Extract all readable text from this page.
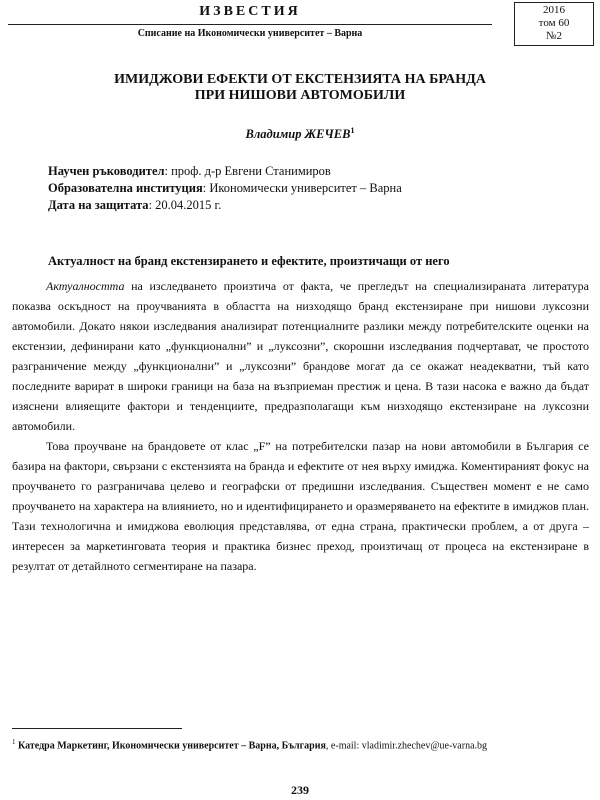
ИЗВЕСТИЯ
Списание на Икономически университет – Варна
2016
том 60
№2
ИМИДЖОВИ ЕФЕКТИ ОТ ЕКСТЕНЗИЯТА НА БРАНДА
ПРИ НИШОВИ АВТОМОБИЛИ
Владимир ЖЕЧЕВ$^1$
Научен ръководител: проф. д-р Евгени Станимиров
Образователна институция: Икономически университет – Варна
Дата на защитата: 20.04.2015 г.
Актуалност на бранд екстензирането и ефектите, произтичащи от него

Актуалността на изследването произтича от факта, че прегледът на специализираната литература показва оскъдност на проучванията в областта на низходящо бранд екстензиране при нишови луксозни автомобили. Докато някои изследвания анализират потенциалните разлики между потребителските оценки на екстензии, дефинирани като „функционални” и „луксозни”, скорошни изследвания подчертават, че простото разграничение между „функционални” и „луксозни” брандове могат да се окажат неадекватни, тъй като последните варират в широки граници на база на възприеман престиж и цена. В тази насока е важно да бъдат изяснени влияещите фактори и тенденциите, предразполагащи към низходящо екстензиране на луксозни автомобили.

Това проучване на брандовете от клас „F” на потребителски пазар на нови автомобили в България се базира на фактори, свързани с екстензията на бранда и ефектите от нея върху имиджа. Коментираният фокус на проучването го разграничава целево и географски от предишни изследвания. Съществен момент е не само проучването на характера на влиянието, но и идентифицирането и оразмеряването на ефектите в имиджов план. Тази технологична и имиджова еволюция представлява, от една страна, практически проблем, а от друга – интересен за маркетинговата теория и практика бизнес преход, произтичащ от процеса на екстензиране в резултат от детайлното сегментиране на пазара.

$^1$ Катедра Маркетинг, Икономически университет – Варна, България, e-mail: vladimir.zhechev@ue-varna.bg
239
